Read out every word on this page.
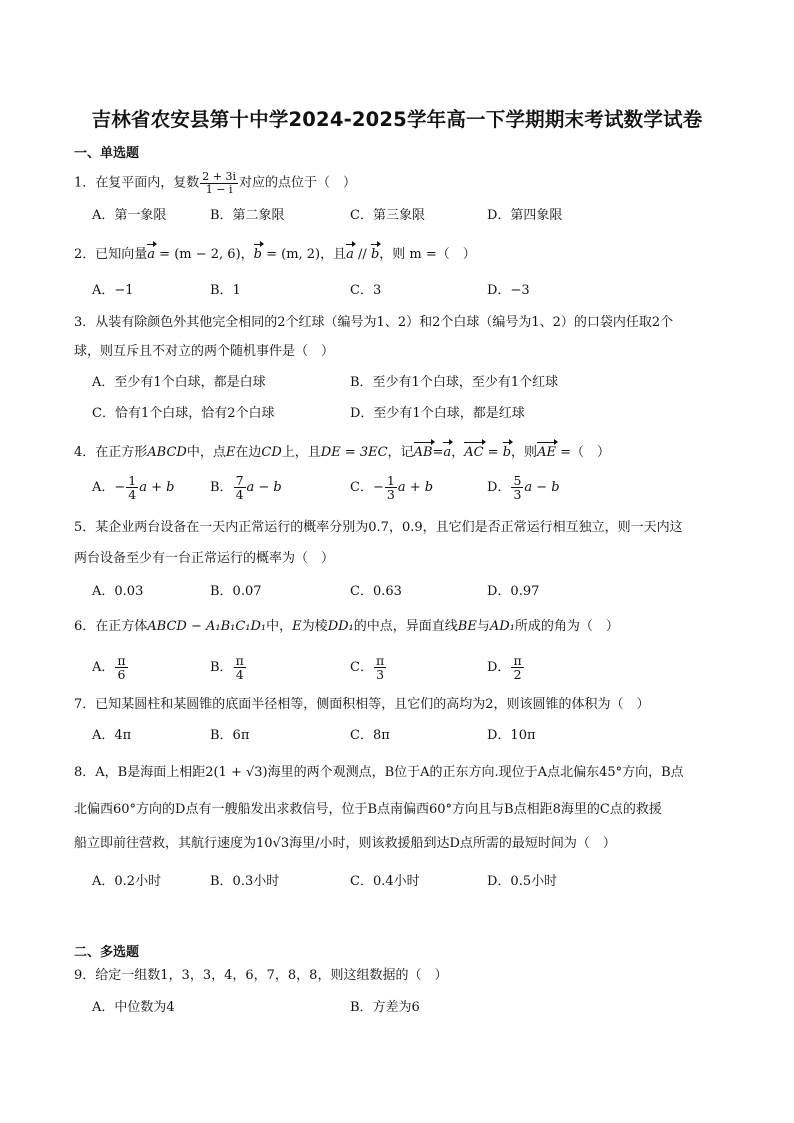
吉林省农安县第十中学2024-2025学年高一下学期期末考试数学试卷
一、单选题
1．在复平面内，复数 $\frac{2 + 3i}{1 - i}$ 对应的点位于（　）
A．第一象限	B．第二象限	C．第三象限	D．第四象限
2．已知向量a = (m − 2, 6)，b = (m, 2)，且a // b，则 m =（　）
A．−1	B．1	C．3	D．−3
3．从装有除颜色外其他完全相同的2个红球（编号为1、2）和2个白球（编号为1、2）的口袋内任取2个
球，则互斥且不对立的两个随机事件是（　）
A．至少有1个白球，都是白球	B．至少有1个白球，至少有1个红球
C．恰有1个白球，恰有2个白球	D．至少有1个白球，都是红球
4．在正方形ABCD中，点E在边CD上，且DE = 3EC，记AB=a，AC = b，则AE =（　）
A．− $\frac{1}{4}$ a + b	B． $\frac{7}{4}$ a − b	C．− $\frac{1}{3}$ a + b	D． $\frac{5}{3}$ a − b
5．某企业两台设备在一天内正常运行的概率分别为0.7，0.9，且它们是否正常运行相互独立，则一天内这
两台设备至少有一台正常运行的概率为（　）
A．0.03	B．0.07	C．0.63	D．0.97
6．在正方体ABCD − A₁B₁C₁D₁中，E为棱DD₁的中点，异面直线BE与AD₁所成的角为（　）
A． $\frac{\pi}{6}$	B． $\frac{\pi}{4}$	C． $\frac{\pi}{3}$	D． $\frac{\pi}{2}$
7．已知某圆柱和某圆锥的底面半径相等，侧面积相等，且它们的高均为2，则该圆锥的体积为（　）
A．4π	B．6π	C．8π	D．10π
8．A，B是海面上相距2(1 + √3)海里的两个观测点，B位于A的正东方向.现位于A点北偏东45°方向，B点
北偏西60°方向的D点有一艘船发出求救信号，位于B点南偏西60°方向且与B点相距8海里的C点的救援
船立即前往营救，其航行速度为10√3海里/小时，则该救援船到达D点所需的最短时间为（　）
A．0.2小时	B．0.3小时	C．0.4小时	D．0.5小时
二、多选题
9．给定一组数1，3，3，4，6，7，8，8，则这组数据的（　）
A．中位数为4	B．方差为6
